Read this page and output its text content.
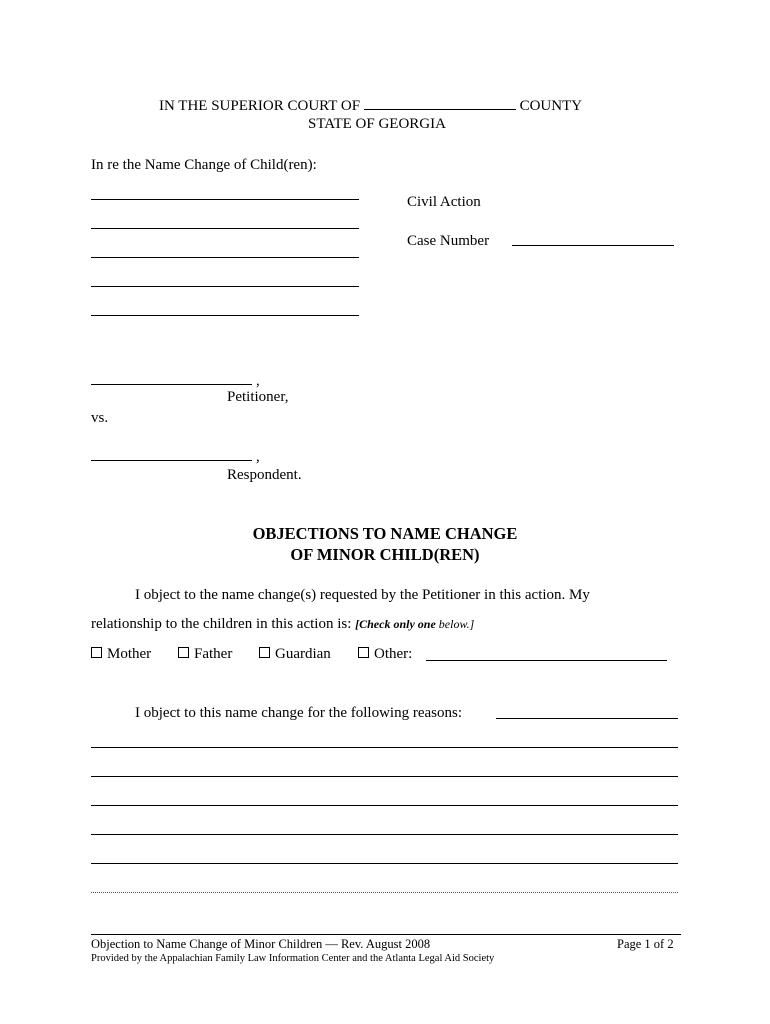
IN THE SUPERIOR COURT OF	COUNTY
STATE OF GEORGIA
In re the Name Change of Child(ren):
Civil Action
Case Number
,
Petitioner,
vs.
,
Respondent.
OBJECTIONS TO NAME CHANGE
OF MINOR CHILD(REN)
I object to the name change(s) requested by the Petitioner in this action. My
relationship to the children in this action is: [Check only one below.]
Mother	Father	Guardian	Other:
I object to this name change for the following reasons:
Objection to Name Change of Minor Children — Rev. August 2008	Page 1 of 2
Provided by the Appalachian Family Law Information Center and the Atlanta Legal Aid Society
